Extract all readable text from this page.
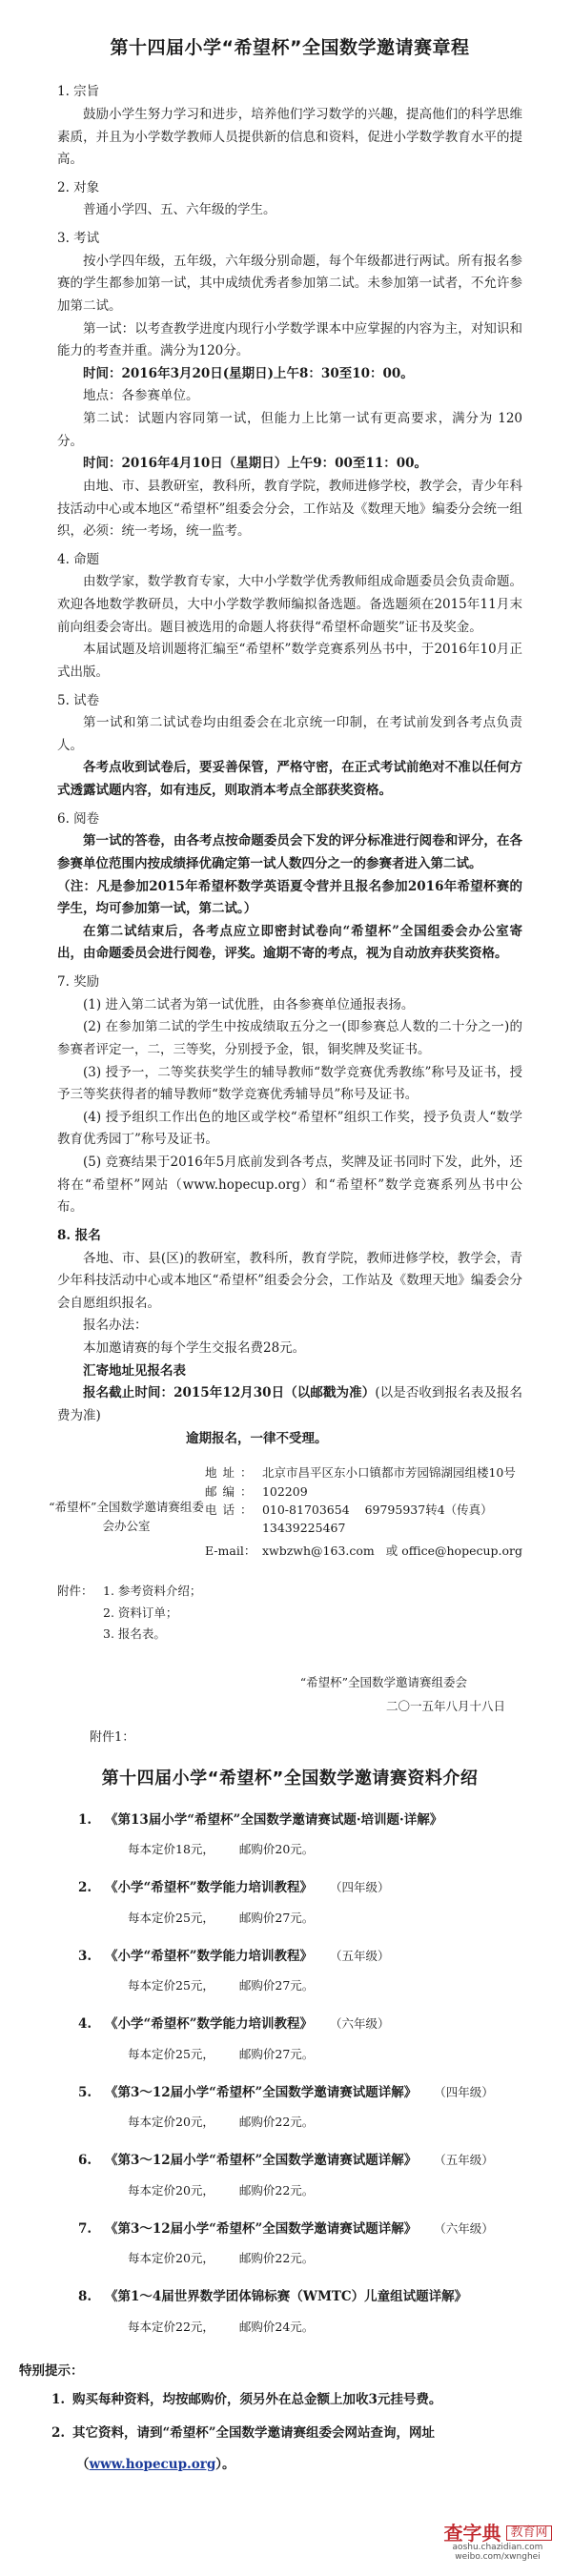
第十四届小学“希望杯”全国数学邀请赛章程
1. 宗旨

鼓励小学生努力学习和进步，培养他们学习数学的兴趣，提高他们的科学思维素质，并且为小学数学教师人员提供新的信息和资料，促进小学数学教育水平的提高。

2. 对象

普通小学四、五、六年级的学生。

3. 考试

按小学四年级，五年级，六年级分别命题，每个年级都进行两试。所有报名参赛的学生都参加第一试，其中成绩优秀者参加第二试。未参加第一试者，不允许参加第二试。

第一试：以考查教学进度内现行小学数学课本中应掌握的内容为主，对知识和能力的考查并重。满分为120分。

时间：2016年3月20日(星期日)上午8：30至10：00。

地点：各参赛单位。

第二试：试题内容同第一试，但能力上比第一试有更高要求，满分为 120分。

时间：2016年4月10日（星期日）上午9：00至11：00。

由地、市、县教研室，教科所，教育学院，教师进修学校，教学会，青少年科技活动中心或本地区“希望杯”组委会分会，工作站及《数理天地》编委分会统一组织，必须：统一考场，统一监考。

4. 命题

由数学家，数学教育专家，大中小学数学优秀教师组成命题委员会负责命题。欢迎各地数学教研员，大中小学数学教师编拟备选题。备选题须在2015年11月末前向组委会寄出。题目被选用的命题人将获得“希望杯命题奖”证书及奖金。

本届试题及培训题将汇编至“希望杯”数学竞赛系列丛书中，于2016年10月正式出版。

5. 试卷

第一试和第二试试卷均由组委会在北京统一印制，在考试前发到各考点负责人。

各考点收到试卷后，要妥善保管，严格守密，在正式考试前绝对不准以任何方式透露试题内容，如有违反，则取消本考点全部获奖资格。

6. 阅卷

第一试的答卷，由各考点按命题委员会下发的评分标准进行阅卷和评分，在各参赛单位范围内按成绩择优确定第一试人数四分之一的参赛者进入第二试。

（注：凡是参加2015年希望杯数学英语夏令营并且报名参加2016年希望杯赛的学生，均可参加第一试，第二试。）

在第二试结束后，各考点应立即密封试卷向“希望杯”全国组委会办公室寄出，由命题委员会进行阅卷，评奖。逾期不寄的考点，视为自动放弃获奖资格。

7. 奖励

(1) 进入第二试者为第一试优胜，由各参赛单位通报表扬。

(2) 在参加第二试的学生中按成绩取五分之一(即参赛总人数的二十分之一)的参赛者评定一，二，三等奖，分别授予金，银，铜奖牌及奖证书。

(3) 授予一，二等奖获奖学生的辅导教师“数学竞赛优秀教练”称号及证书，授予三等奖获得者的辅导教师“数学竞赛优秀辅导员”称号及证书。

(4) 授予组织工作出色的地区或学校“希望杯”组织工作奖，授予负责人“数学教育优秀园丁”称号及证书。

(5) 竞赛结果于2016年5月底前发到各考点，奖牌及证书同时下发，此外，还将在“希望杯”网站（www.hopecup.org）和“希望杯”数学竞赛系列丛书中公布。

8. 报名

各地、市、县(区)的教研室，教科所，教育学院，教师进修学校，教学会，青少年科技活动中心或本地区“希望杯”组委会分会，工作站及《数理天地》编委会分会自愿组织报名。

报名办法：

本加邀请赛的每个学生交报名费28元。

汇寄地址见报名表

报名截止时间：2015年12月30日（以邮戳为准）(以是否收到报名表及报名费为准)

逾期报名，一律不受理。

“希望杯”全国数学邀请赛组委会办公室
地址： 北京市昌平区东小口镇都市芳园锦湖园组楼10号
邮编： 102209
电话： 010-81703654 69795937转4（传真）
13439225467
E-mail： xwbzwh@163.com 或 office@hopecup.org
附件： 1. 参考资料介绍；
2. 资料订单；
3. 报名表。
“希望杯”全国数学邀请赛组委会
二〇一五年八月十八日
附件1：
第十四届小学“希望杯”全国数学邀请赛资料介绍
1.	《第13届小学“希望杯”全国数学邀请赛试题·培训题·详解》
每本定价18元， 邮购价20元。
2.	《小学“希望杯”数学能力培训教程》 （四年级）
每本定价25元， 邮购价27元。
3.	《小学“希望杯”数学能力培训教程》 （五年级）
每本定价25元， 邮购价27元。
4.	《小学“希望杯”数学能力培训教程》 （六年级）
每本定价25元， 邮购价27元。
5.	《第3～12届小学“希望杯”全国数学邀请赛试题详解》 （四年级）
每本定价20元， 邮购价22元。
6.	《第3～12届小学“希望杯”全国数学邀请赛试题详解》 （五年级）
每本定价20元， 邮购价22元。
7.	《第3～12届小学“希望杯”全国数学邀请赛试题详解》 （六年级）
每本定价20元， 邮购价22元。
8.	《第1～4届世界数学团体锦标赛（WMTC）儿童组试题详解》
每本定价22元， 邮购价24元。
特别提示：
1. 购买每种资料，均按邮购价，须另外在总金额上加收3元挂号费。
2. 其它资料，请到“希望杯”全国数学邀请赛组委会网站查询，网址
（www.hopecup.org）。
查字典 教育网
aoshu.chazidian.com
weibo.com/xwnghei
